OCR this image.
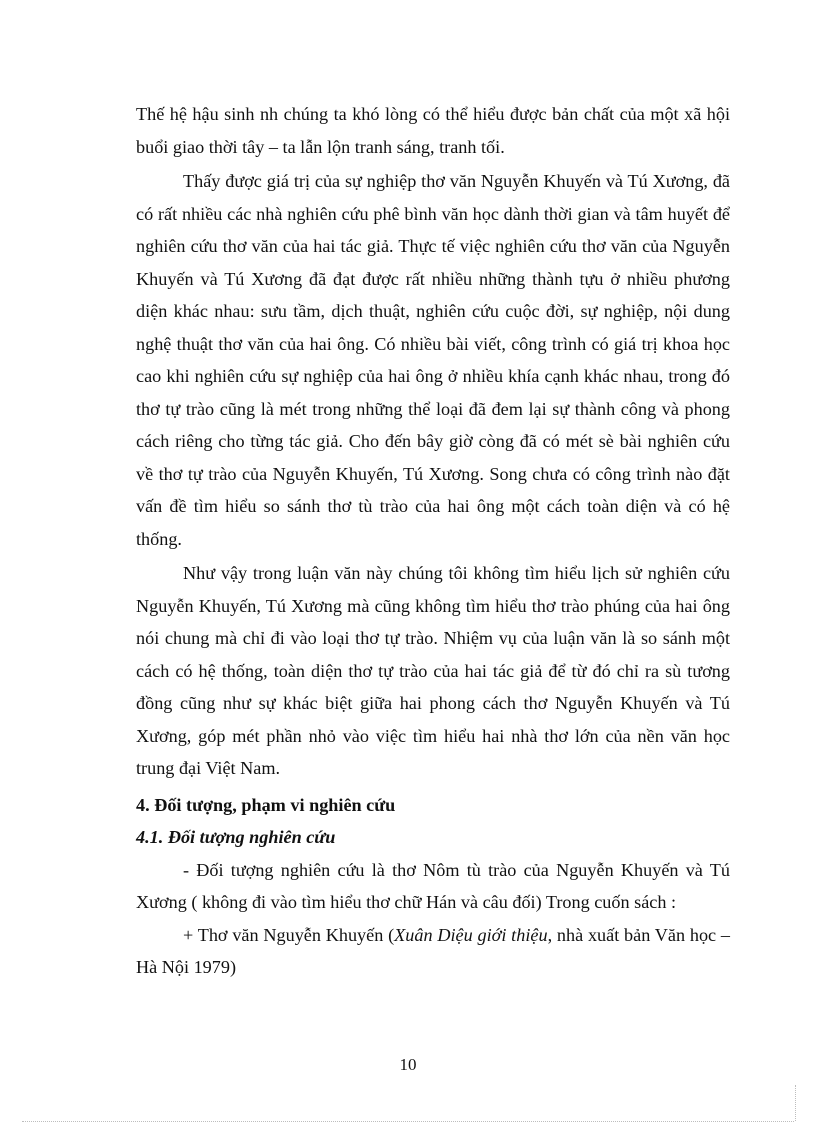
Thế hệ hậu sinh nh chúng ta khó lòng có thể hiểu được bản chất của một xã hội buổi giao thời tây – ta lẫn lộn tranh sáng, tranh tối.

Thấy được giá trị của sự nghiệp thơ văn Nguyễn Khuyến và Tú Xương, đã có rất nhiều các nhà nghiên cứu phê bình văn học dành thời gian và tâm huyết để nghiên cứu thơ văn của hai tác giả. Thực tế việc nghiên cứu thơ văn của Nguyễn Khuyến và Tú Xương đã đạt được rất nhiều những thành tựu ở nhiều phương diện khác nhau: sưu tầm, dịch thuật, nghiên cứu cuộc đời, sự nghiệp, nội dung nghệ thuật thơ văn của hai ông. Có nhiều bài viết, công trình có giá trị khoa học cao khi nghiên cứu sự nghiệp của hai ông ở nhiều khía cạnh khác nhau, trong đó thơ tự trào cũng là mét trong những thể loại đã đem lại sự thành công và phong cách riêng cho từng tác giả. Cho đến bây giờ còng đã có mét sè bài nghiên cứu về thơ tự trào của Nguyễn Khuyến, Tú Xương. Song chưa có công trình nào đặt vấn đề tìm hiểu so sánh thơ tù trào của hai ông một cách toàn diện và có hệ thống.

Như vậy trong luận văn này chúng tôi không tìm hiểu lịch sử nghiên cứu Nguyễn Khuyến, Tú Xương mà cũng không tìm hiểu thơ trào phúng của hai ông nói chung mà chỉ đi vào loại thơ tự trào. Nhiệm vụ của luận văn là so sánh một cách có hệ thống, toàn diện thơ tự trào của hai tác giả để từ đó chỉ ra sù tương đồng cũng như sự khác biệt giữa hai phong cách thơ Nguyễn Khuyến và Tú Xương, góp mét phần nhỏ vào việc tìm hiểu hai nhà thơ lớn của nền văn học trung đại Việt Nam.

4. Đối tượng, phạm vi nghiên cứu
4.1. Đối tượng nghiên cứu

- Đối tượng nghiên cứu là thơ Nôm tù trào của Nguyễn Khuyến và Tú Xương ( không đi vào tìm hiểu thơ chữ Hán và câu đối) Trong cuốn sách :

+ Thơ văn Nguyễn Khuyến (Xuân Diệu giới thiệu, nhà xuất bản Văn học – Hà Nội 1979)

10
